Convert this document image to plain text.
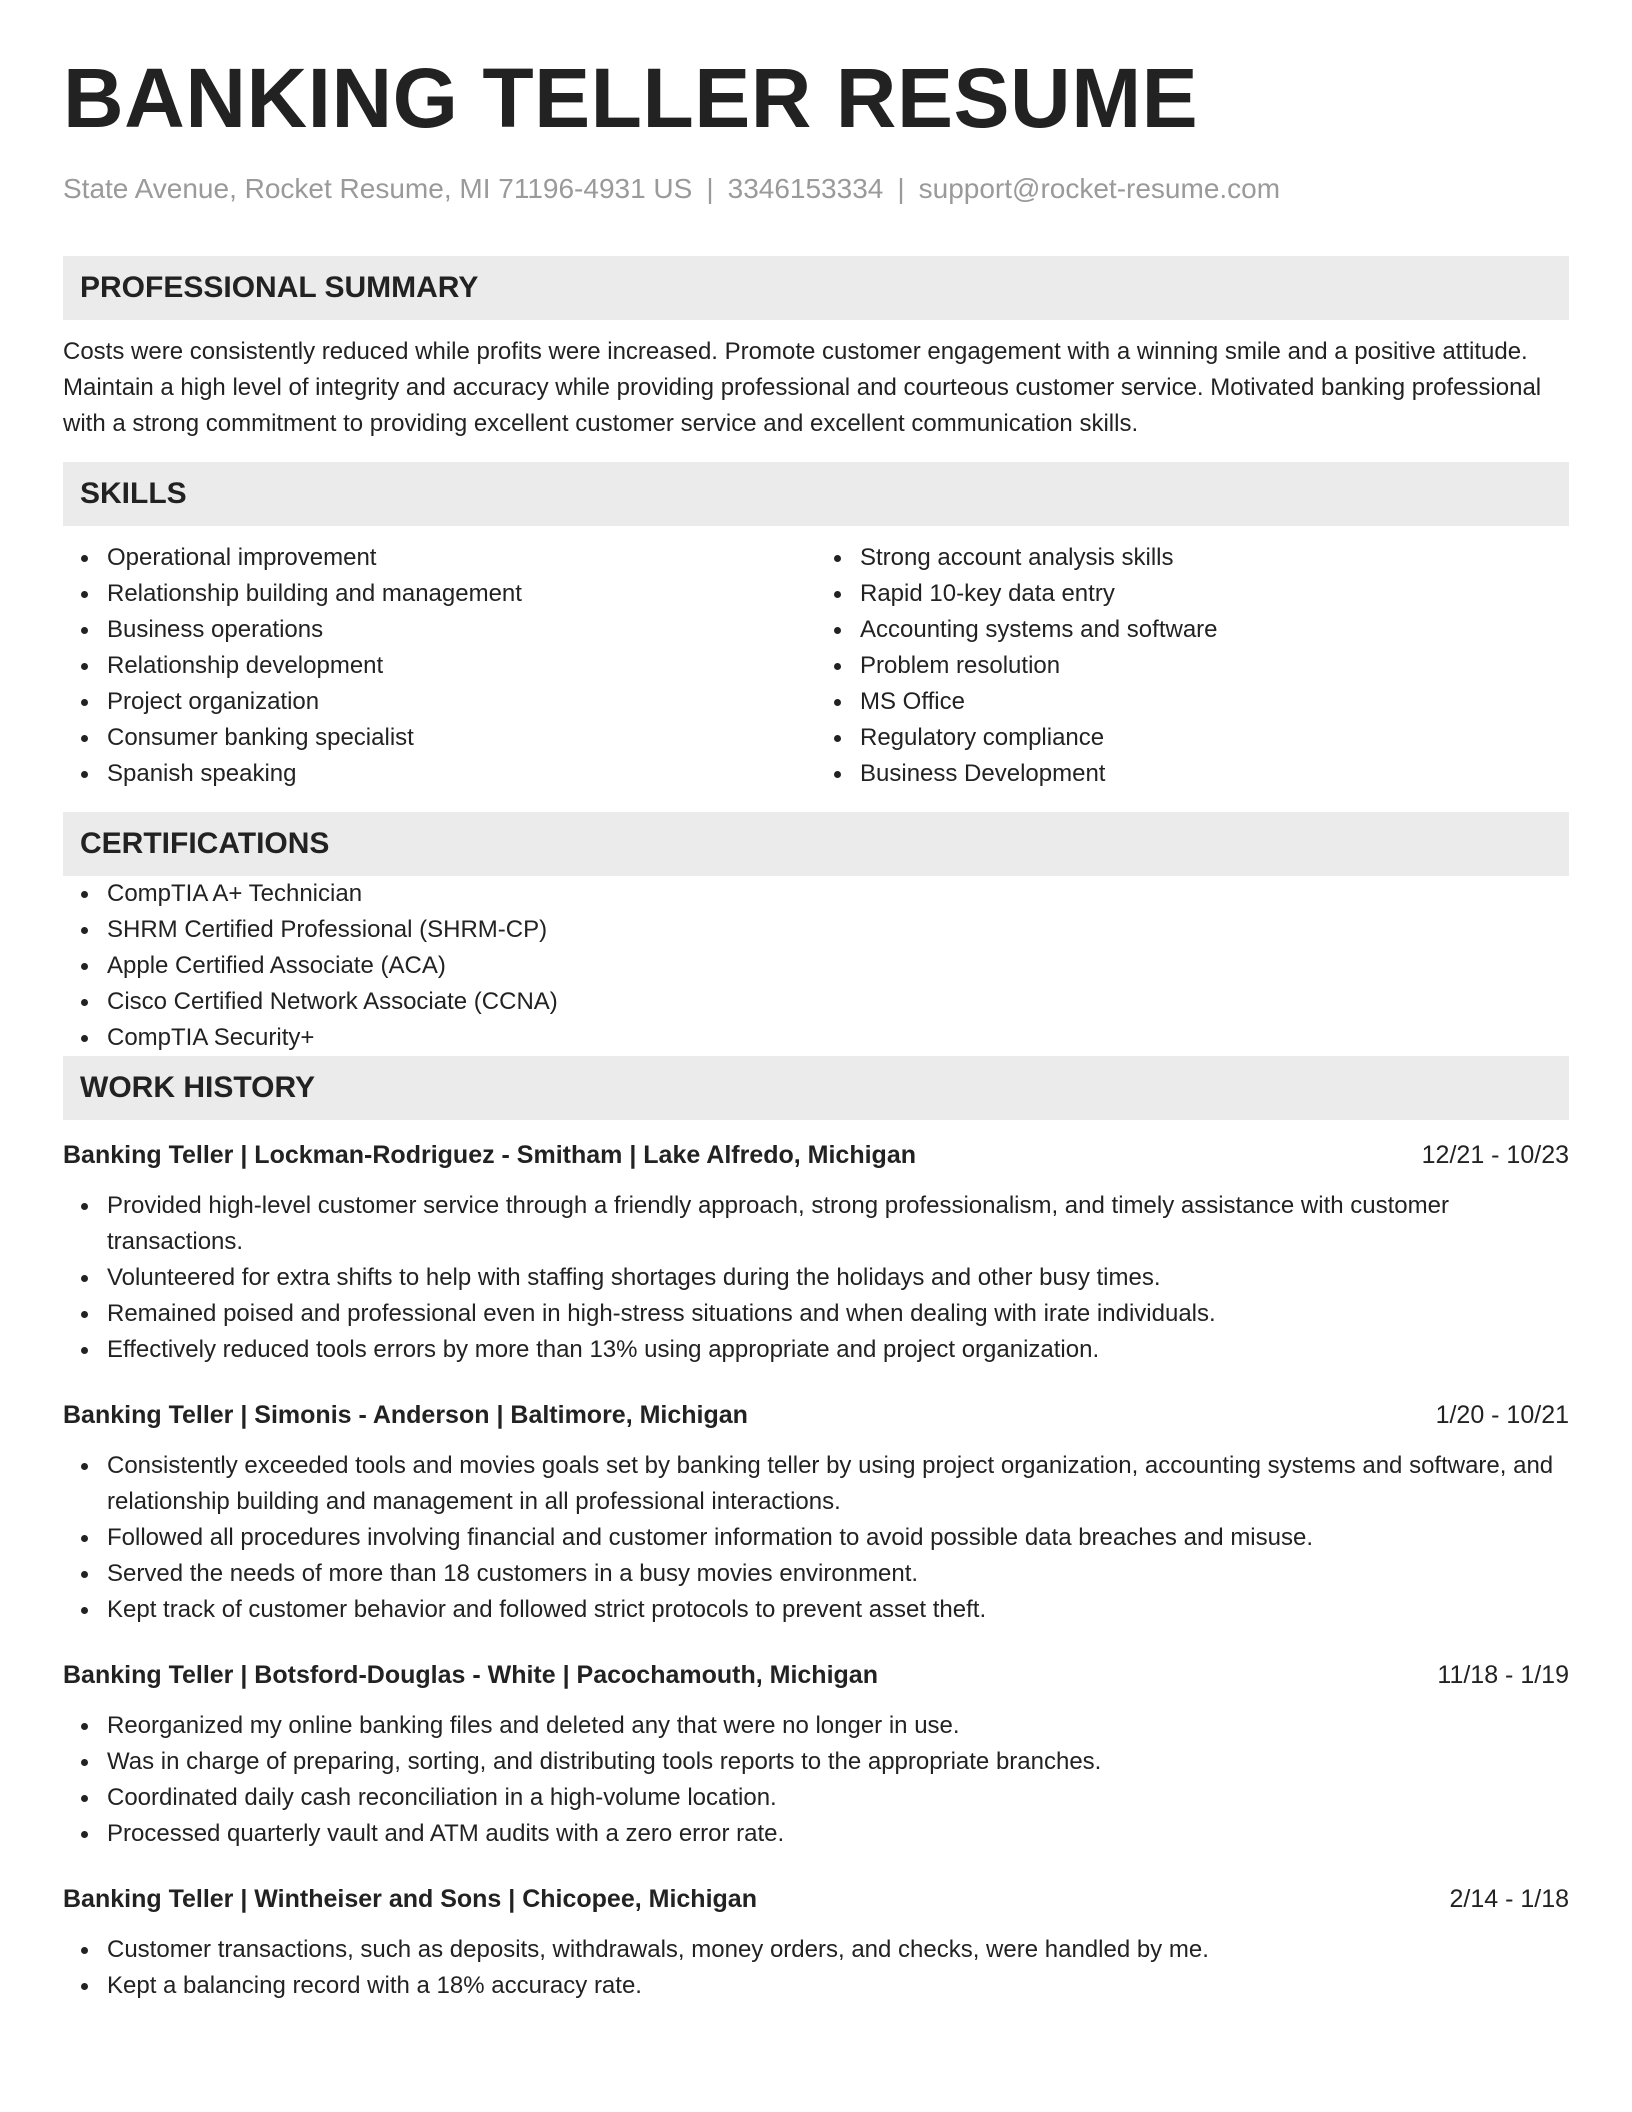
BANKING TELLER RESUME
State Avenue, Rocket Resume, MI 71196-4931 US | 3346153334 | support@rocket-resume.com
PROFESSIONAL SUMMARY

Costs were consistently reduced while profits were increased. Promote customer engagement with a winning smile and a positive attitude. Maintain a high level of integrity and accuracy while providing professional and courteous customer service. Motivated banking professional with a strong commitment to providing excellent customer service and excellent communication skills.

SKILLS
Operational improvement
Relationship building and management
Business operations
Relationship development
Project organization
Consumer banking specialist
Spanish speaking
Strong account analysis skills
Rapid 10-key data entry
Accounting systems and software
Problem resolution
MS Office
Regulatory compliance
Business Development
CERTIFICATIONS
CompTIA A+ Technician
SHRM Certified Professional (SHRM-CP)
Apple Certified Associate (ACA)
Cisco Certified Network Associate (CCNA)
CompTIA Security+
WORK HISTORY
Banking Teller | Lockman-Rodriguez - Smitham | Lake Alfredo, Michigan	12/21 - 10/23
Provided high-level customer service through a friendly approach, strong professionalism, and timely assistance with customer transactions.
Volunteered for extra shifts to help with staffing shortages during the holidays and other busy times.
Remained poised and professional even in high-stress situations and when dealing with irate individuals.
Effectively reduced tools errors by more than 13% using appropriate and project organization.
Banking Teller | Simonis - Anderson | Baltimore, Michigan	1/20 - 10/21
Consistently exceeded tools and movies goals set by banking teller by using project organization, accounting systems and software, and relationship building and management in all professional interactions.
Followed all procedures involving financial and customer information to avoid possible data breaches and misuse.
Served the needs of more than 18 customers in a busy movies environment.
Kept track of customer behavior and followed strict protocols to prevent asset theft.
Banking Teller | Botsford-Douglas - White | Pacochamouth, Michigan	11/18 - 1/19
Reorganized my online banking files and deleted any that were no longer in use.
Was in charge of preparing, sorting, and distributing tools reports to the appropriate branches.
Coordinated daily cash reconciliation in a high-volume location.
Processed quarterly vault and ATM audits with a zero error rate.
Banking Teller | Wintheiser and Sons | Chicopee, Michigan	2/14 - 1/18
Customer transactions, such as deposits, withdrawals, money orders, and checks, were handled by me.
Kept a balancing record with a 18% accuracy rate.
